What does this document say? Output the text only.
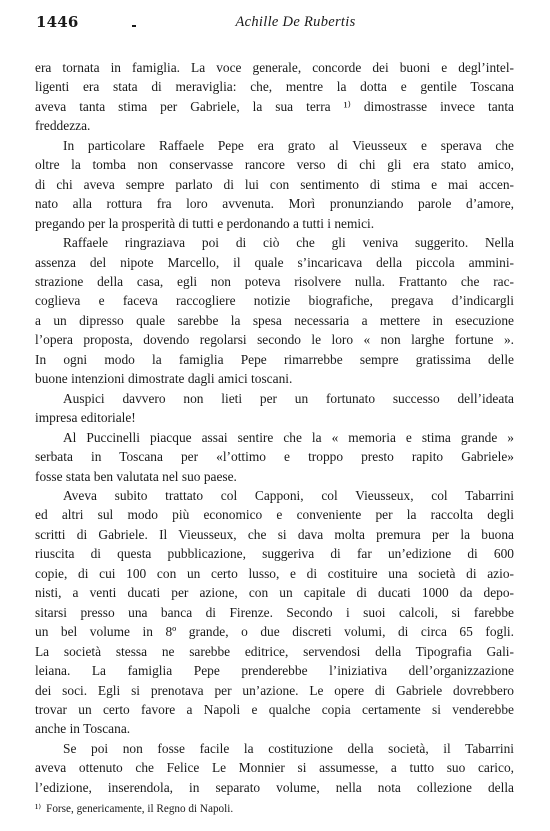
1446	Achille De Rubertis
era tornata in famiglia. La voce generale, concorde dei buoni e degl’intel-
ligenti era stata di meraviglia: che, mentre la dotta e gentile Toscana
aveva tanta stima per Gabriele, la sua terra ¹⁾ dimostrasse invece tanta
freddezza.
In particolare Raffaele Pepe era grato al Vieusseux e sperava che
oltre la tomba non conservasse rancore verso di chi gli era stato amico,
di chi aveva sempre parlato di lui con sentimento di stima e mai accen-
nato alla rottura fra loro avvenuta. Morì pronunziando parole d’amore,
pregando per la prosperità di tutti e perdonando a tutti i nemici.
Raffaele ringraziava poi di ciò che gli veniva suggerito. Nella
assenza del nipote Marcello, il quale s’incaricava della piccola ammini-
strazione della casa, egli non poteva risolvere nulla. Frattanto che rac-
coglieva e faceva raccogliere notizie biografiche, pregava d’indicargli
a un dipresso quale sarebbe la spesa necessaria a mettere in esecuzione
l’opera proposta, dovendo regolarsi secondo le loro « non larghe fortune ».
In ogni modo la famiglia Pepe rimarrebbe sempre gratissima delle
buone intenzioni dimostrate dagli amici toscani.
Auspici davvero non lieti per un fortunato successo dell’ideata
impresa editoriale!
Al Puccinelli piacque assai sentire che la « memoria e stima grande »
serbata in Toscana per «l’ottimo e troppo presto rapito Gabriele»
fosse stata ben valutata nel suo paese.
Aveva subito trattato col Capponi, col Vieusseux, col Tabarrini
ed altri sul modo più economico e conveniente per la raccolta degli
scritti di Gabriele. Il Vieusseux, che si dava molta premura per la buona
riuscita di questa pubblicazione, suggeriva di far un’edizione di 600
copie, di cui 100 con un certo lusso, e di costituire una società di azio-
nisti, a venti ducati per azione, con un capitale di ducati 1000 da depo-
sitarsi presso una banca di Firenze. Secondo i suoi calcoli, si farebbe
un bel volume in 8º grande, o due discreti volumi, di circa 65 fogli.
La società stessa ne sarebbe editrice, servendosi della Tipografia Gali-
leiana. La famiglia Pepe prenderebbe l’iniziativa dell’organizzazione
dei soci. Egli si prenotava per un’azione. Le opere di Gabriele dovrebbero
trovar un certo favore a Napoli e qualche copia certamente si venderebbe
anche in Toscana.
Se poi non fosse facile la costituzione della società, il Tabarrini
aveva ottenuto che Felice Le Monnier si assumesse, a tutto suo carico,
l’edizione, inserendola, in separato volume, nella nota collezione della
¹⁾ Forse, genericamente, il Regno di Napoli.
